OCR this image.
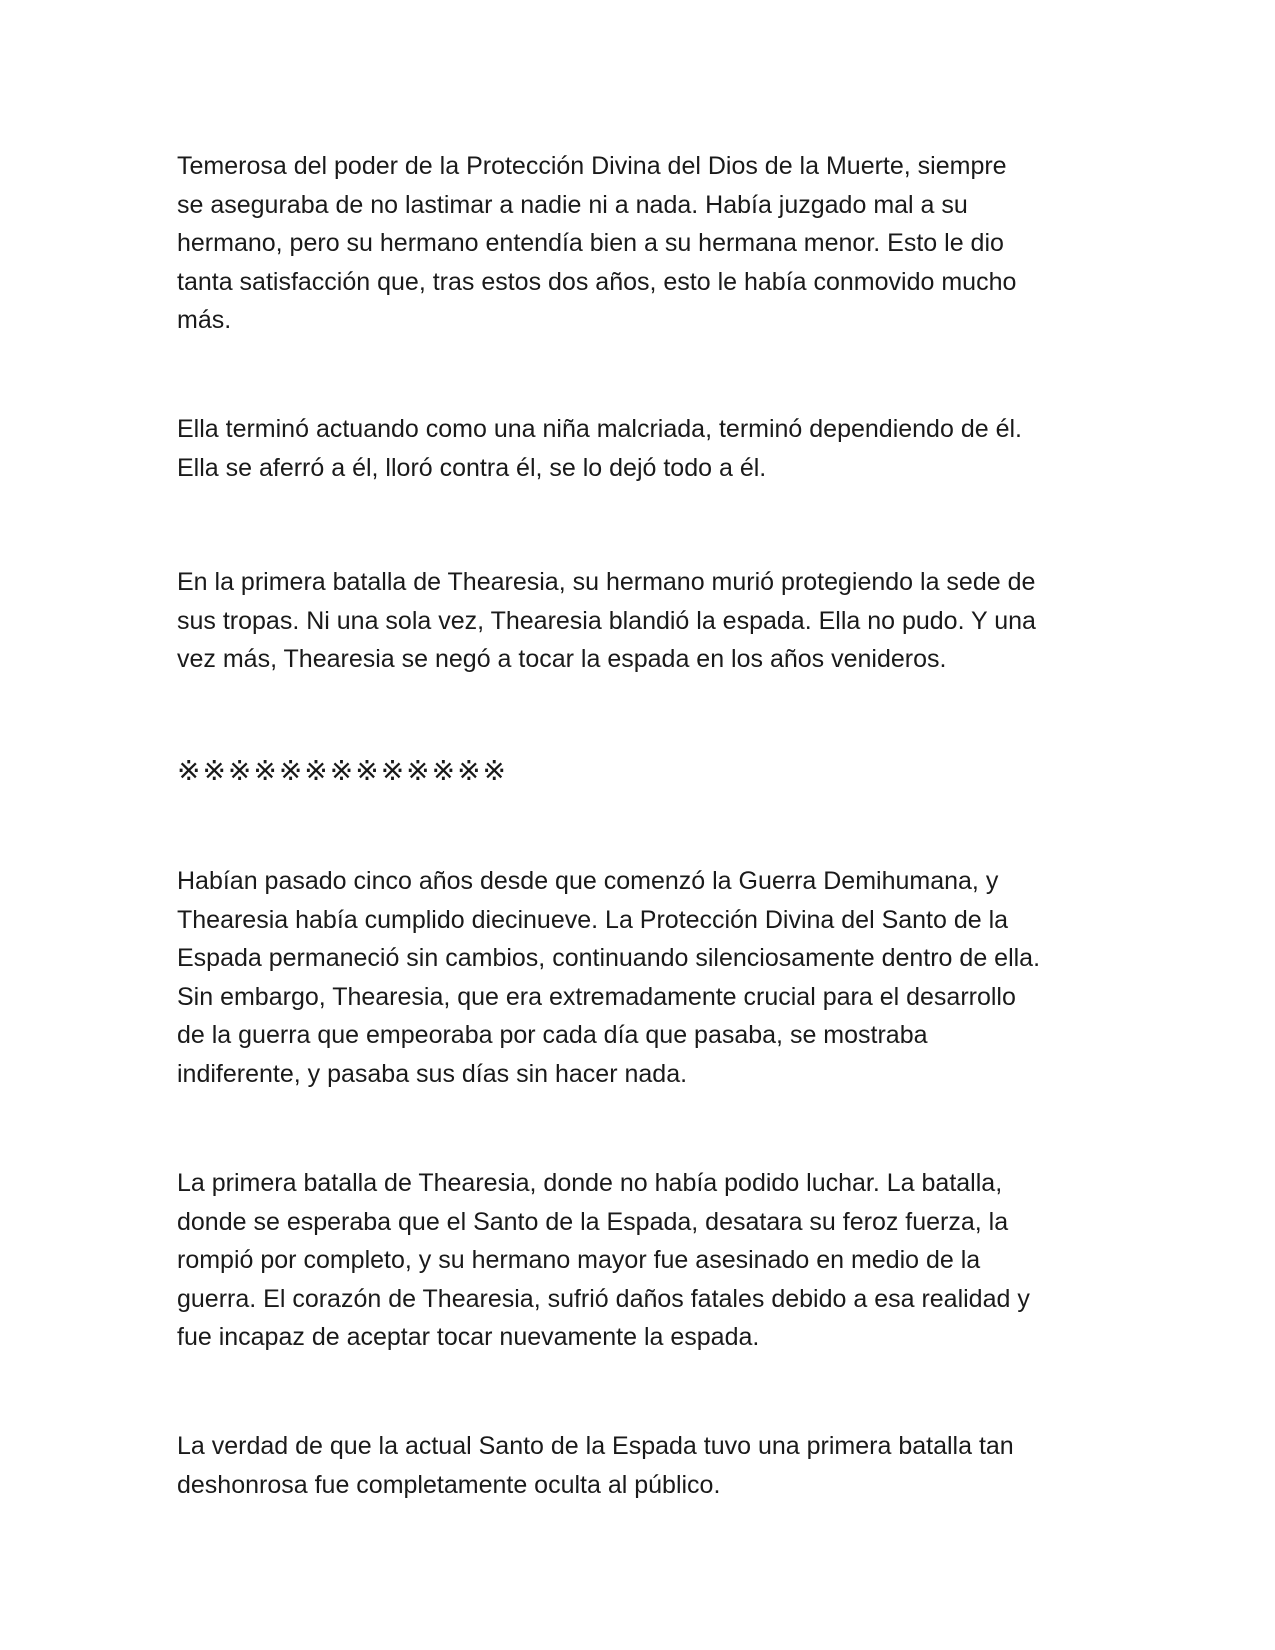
Temerosa del poder de la Protección Divina del Dios de la Muerte, siempre
se aseguraba de no lastimar a nadie ni a nada. Había juzgado mal a su
hermano, pero su hermano entendía bien a su hermana menor. Esto le dio
tanta satisfacción que, tras estos dos años, esto le había conmovido mucho
más.
Ella terminó actuando como una niña malcriada, terminó dependiendo de él.
Ella se aferró a él, lloró contra él, se lo dejó todo a él.
En la primera batalla de Thearesia, su hermano murió protegiendo la sede de
sus tropas. Ni una sola vez, Thearesia blandió la espada. Ella no pudo. Y una
vez más, Thearesia se negó a tocar la espada en los años venideros.
※※※※※※※※※※※※※
Habían pasado cinco años desde que comenzó la Guerra Demihumana, y
Thearesia había cumplido diecinueve. La Protección Divina del Santo de la
Espada permaneció sin cambios, continuando silenciosamente dentro de ella.
Sin embargo, Thearesia, que era extremadamente crucial para el desarrollo
de la guerra que empeoraba por cada día que pasaba, se mostraba
indiferente, y pasaba sus días sin hacer nada.
La primera batalla de Thearesia, donde no había podido luchar. La batalla,
donde se esperaba que el Santo de la Espada, desatara su feroz fuerza, la
rompió por completo, y su hermano mayor fue asesinado en medio de la
guerra. El corazón de Thearesia, sufrió daños fatales debido a esa realidad y
fue incapaz de aceptar tocar nuevamente la espada.
La verdad de que la actual Santo de la Espada tuvo una primera batalla tan
deshonrosa fue completamente oculta al público.
